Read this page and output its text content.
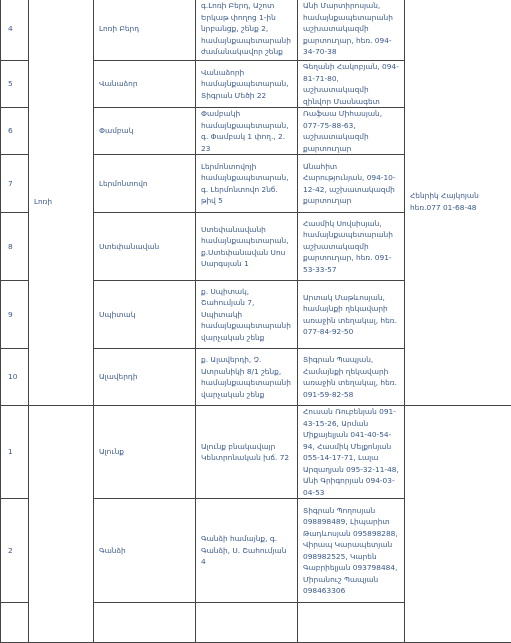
4	Լոռի	Լոռի Բերդ	գ.Լոռի Բերդ, Աշոտ Երկաթ փողոց 1-ին նրբանցք, շենք 2, համայնքապետարանի ժամանակավոր շենք	Անի Մարտիրոսյան, համայնքապետարանի աշխատակազմի քարտուղար, հեռ. 094-34-70-38	Հենրիկ Հայկոյան հեռ.077 01-68-48
5		Վանաձոր	Վանաձորի համայնքապետարան, Տիգրան Մեծի 22	Գեղանի Հակոբյան, 094-81-71-80, աշխատակազմի զինվոր Մասնագետ	
6		Փամբակ	Փամբակի համայնքապետարան, գ. Փամբակ 1 փող., 2. 23	Ռաֆաա Միհասյան, 077-75-88-63, աշխատակազմի քարտուղար	
7		Լերմոնտովո	Լերմոնտովոյի համայնքապետարան, գ. Լերմոնտովո 2նб. թիվ 5	Անահիտ Հարությունյան, 094-10-12-42, աշխատակազմի քարտուղար	
8		Ստեփանավան	Ստեփանավանի համայնքապետարան, ք.Ստեփանավան Սոս Սարգսյան 1	Հասմիկ Սովսիսյան, համայնքապետարանի աշխատակազմի քարտուղար, հեռ. 091-53-33-57	
9		Սպիտակ	ք. Սպիտակ, Շահումյան 7, Սպիտակի համայնքապետարանի վարչական շենք	Արտակ Մաթևոսյան, համայնքի ղեկավարի առաջին տեղակալ, հեռ. 077-84-92-50	
10		Ալավերդի	ք. Ալավերդի, Չ. Ատրանիկի 8/1 շենք, համայնքապետարանի վարչական շենք	Տիգրան Պապյան, Համայնքի ղեկավարի առաջին տեղակալ, հեռ. 091-59-82-58	
1		Ալունք	Ալունք բնակավայր Կենտրոնական խճ. 72	Հուսան Ռուբենյան 091-43-15-26, Արման Միքայելյան 041-40-54-94, Հասմիկ Մելքոնյան 055-14-17-71, Լալա Արզաղյան 095-32-11-48, Անի Գրիգորյան 094-03-04-53	
2		Գանձի	Գանձի համայնք, գ. Գանձի, Ս. Շահումյան 4	Տիգրան Պողոսյան 098898489, Լիպարիտ Թադևոսյան 095898288, Վիրապ Կարապետյան 098982525, Կարեն Գաբրիելյան 093798484, Միրանուշ Պապյան 098463306	
